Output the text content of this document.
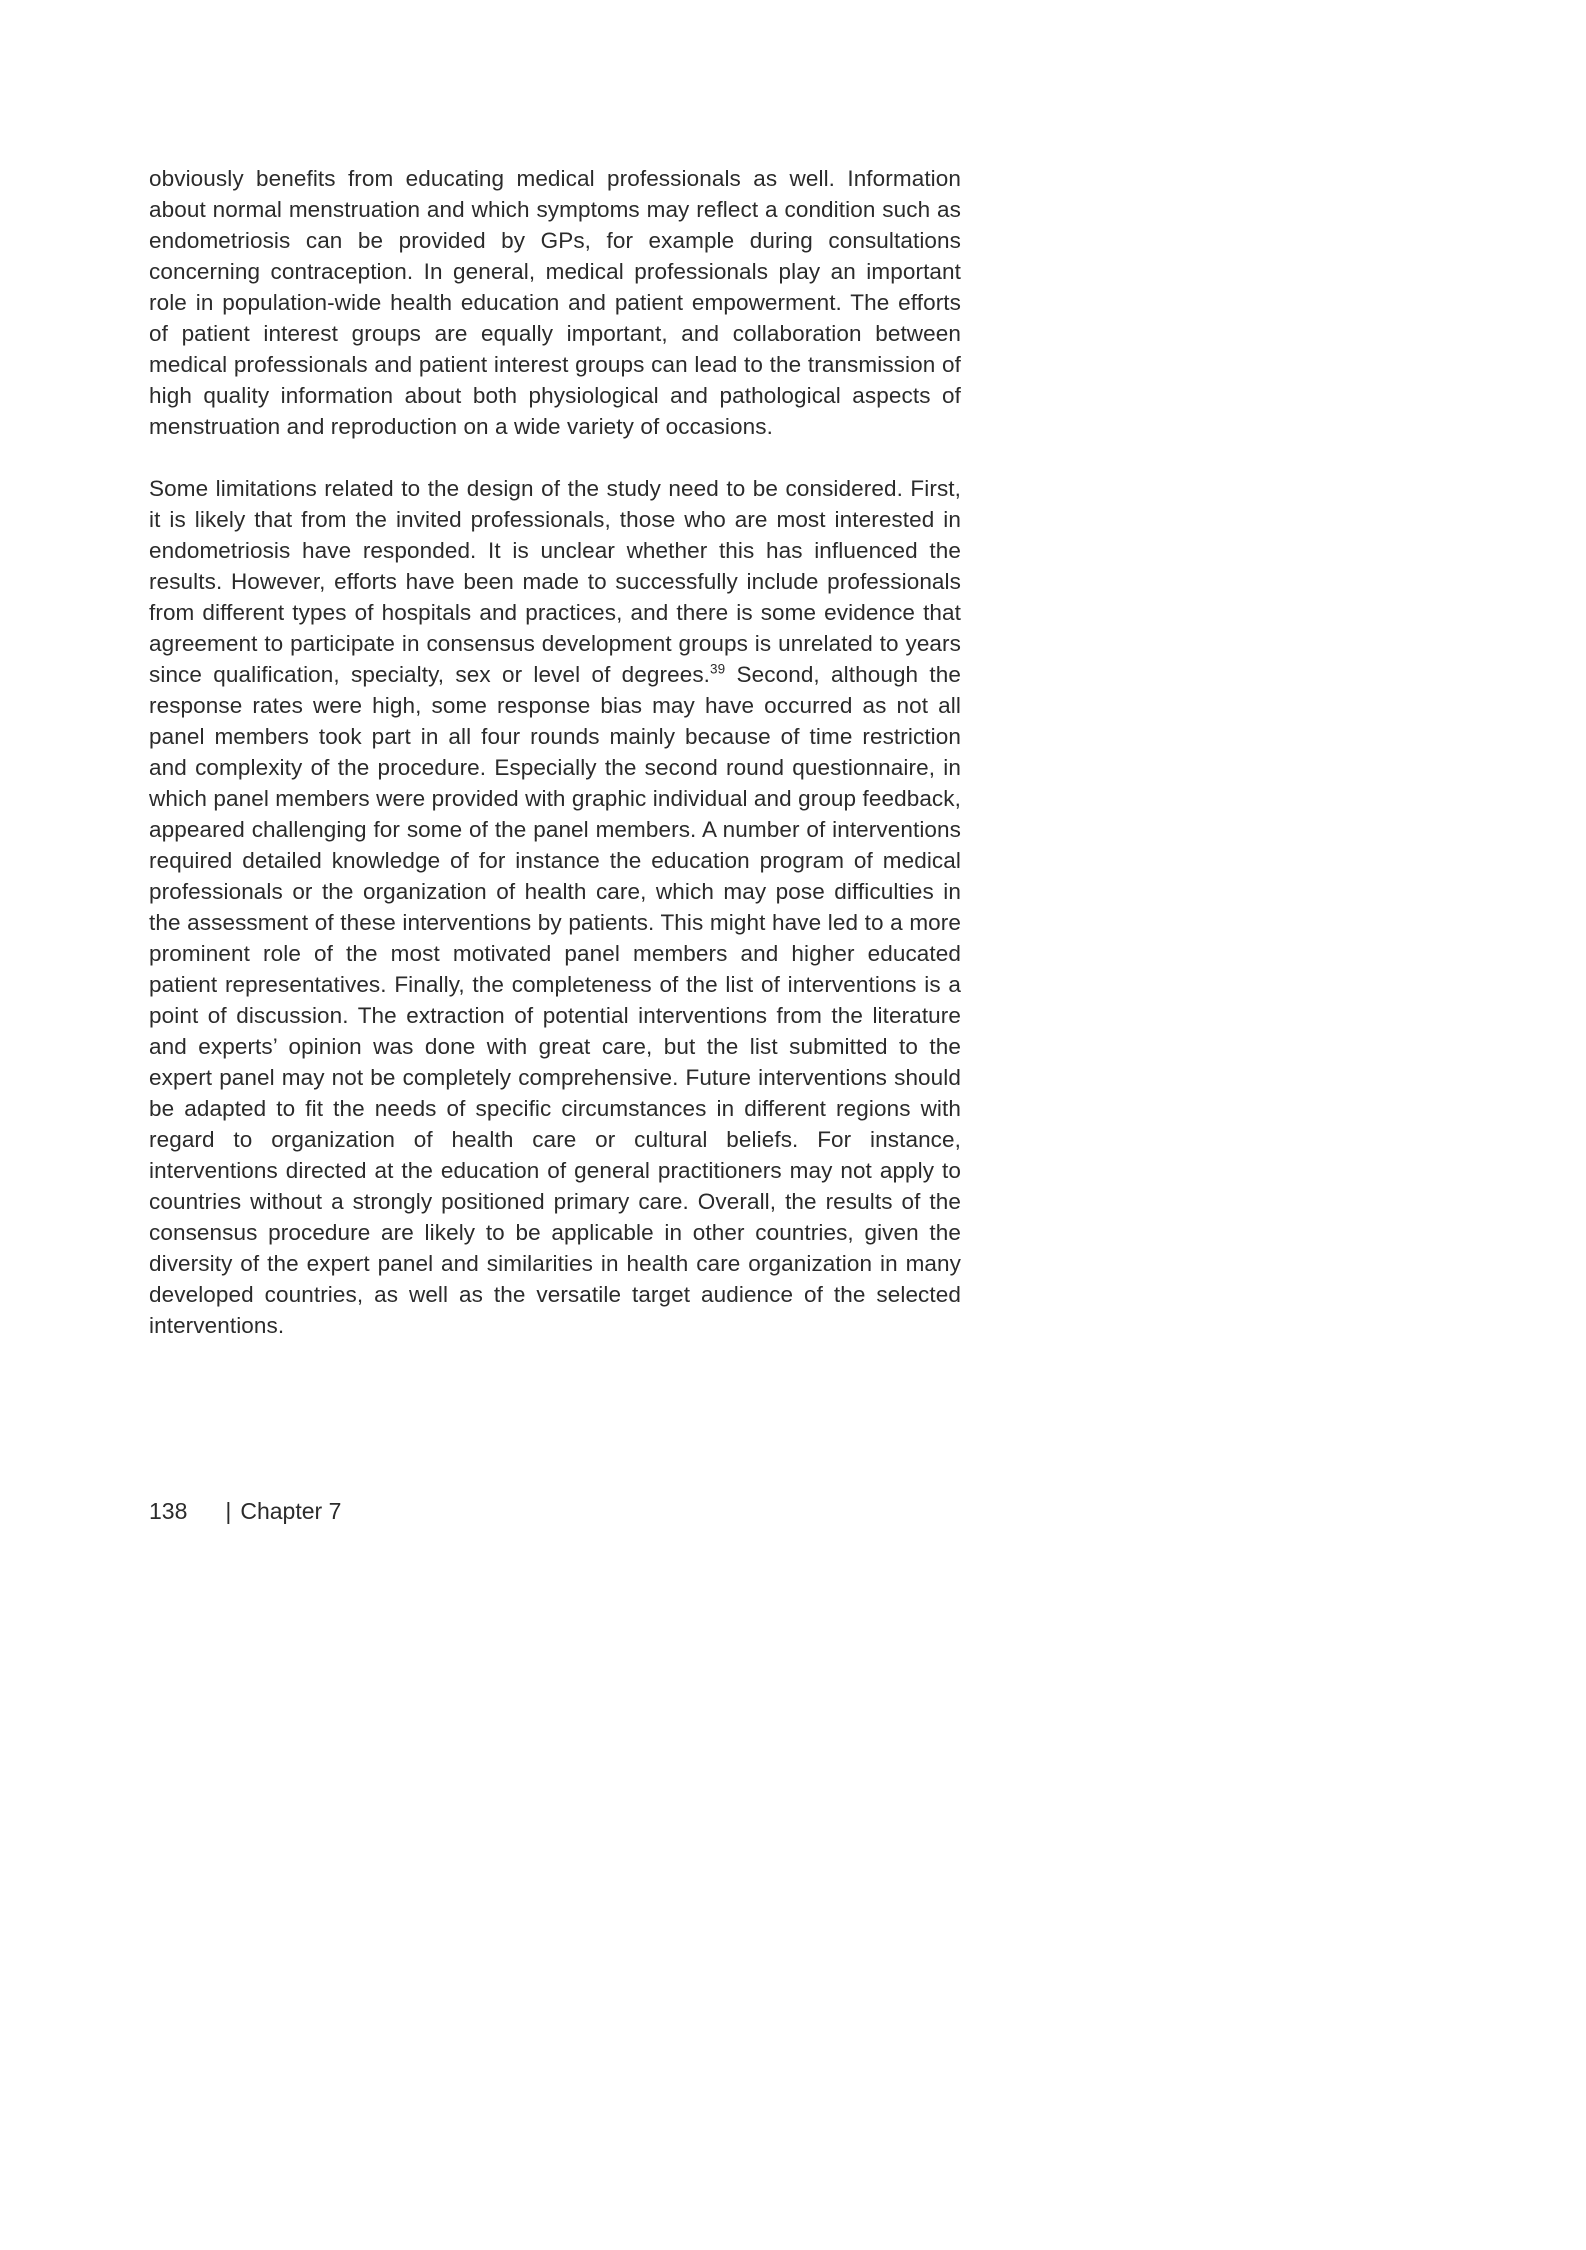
obviously benefits from educating medical professionals as well. Information about normal menstruation and which symptoms may reflect a condition such as endometriosis can be provided by GPs, for example during consultations concerning contraception. In general, medical professionals play an important role in population-wide health education and patient empowerment. The efforts of patient interest groups are equally important, and collaboration between medical professionals and patient interest groups can lead to the transmission of high quality information about both physiological and pathological aspects of menstruation and reproduction on a wide variety of occasions.

Some limitations related to the design of the study need to be considered. First, it is likely that from the invited professionals, those who are most interested in endometriosis have responded. It is unclear whether this has influenced the results. However, efforts have been made to successfully include professionals from different types of hospitals and practices, and there is some evidence that agreement to participate in consensus development groups is unrelated to years since qualification, specialty, sex or level of degrees.$^{39}$ Second, although the response rates were high, some response bias may have occurred as not all panel members took part in all four rounds mainly because of time restriction and complexity of the procedure. Especially the second round questionnaire, in which panel members were provided with graphic individual and group feedback, appeared challenging for some of the panel members. A number of interventions required detailed knowledge of for instance the education program of medical professionals or the organization of health care, which may pose difficulties in the assessment of these interventions by patients. This might have led to a more prominent role of the most motivated panel members and higher educated patient representatives. Finally, the completeness of the list of interventions is a point of discussion. The extraction of potential interventions from the literature and experts’ opinion was done with great care, but the list submitted to the expert panel may not be completely comprehensive. Future interventions should be adapted to fit the needs of specific circumstances in different regions with regard to organization of health care or cultural beliefs. For instance, interventions directed at the education of general practitioners may not apply to countries without a strongly positioned primary care. Overall, the results of the consensus procedure are likely to be applicable in other countries, given the diversity of the expert panel and similarities in health care organization in many developed countries, as well as the versatile target audience of the selected interventions.

138 | Chapter 7
